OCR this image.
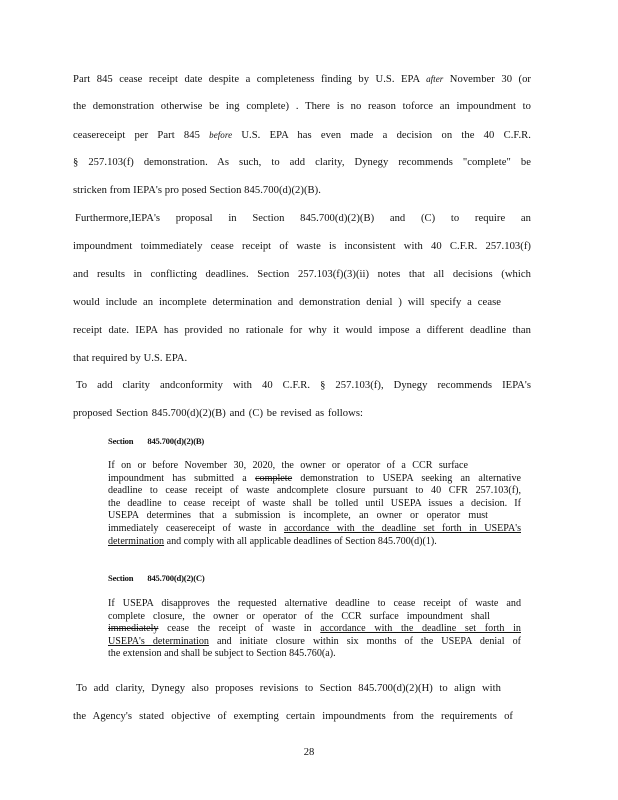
Part 845 cease receipt date despite a completeness finding by U.S. EPA after November 30 (or
the demonstration otherwise be ing complete) . There is no reason toforce an impoundment to
ceasereceipt per Part 845 before U.S. EPA has even made a decision on the 40 C.F.R.
§ 257.103(f) demonstration. As such, to add clarity, Dynegy recommends "complete" be
stricken from IEPA's pro posed Section 845.700(d)(2)(B).
Furthermore,IEPA's proposal in Section 845.700(d)(2)(B) and (C) to require an
impoundment toimmediately cease receipt of waste is inconsistent with 40 C.F.R. 257.103(f)
and results in conflicting deadlines. Section 257.103(f)(3)(ii) notes that all decisions (which
would include an incomplete determination and demonstration denial ) will specify a cease
receipt date. IEPA has provided no rationale for why it would impose a different deadline than
that required by U.S. EPA.
To add clarity andconformity with 40 C.F.R. § 257.103(f), Dynegy recommends IEPA's
proposed Section 845.700(d)(2)(B) and (C) be revised as follows:
Section 845.700(d)(2)(B)
If on or before November 30, 2020, the owner or operator of a CCR surface
impoundment has submitted a complete demonstration to USEPA seeking an alternative
deadline to cease receipt of waste andcomplete closure pursuant to 40 CFR 257.103(f),
the deadline to cease receipt of waste shall be tolled until USEPA issues a decision. If
USEPA determines that a submission is incomplete, an owner or operator must
immediately ceasereceipt of waste in accordance with the deadline set forth in USEPA's
determination and comply with all applicable deadlines of Section 845.700(d)(1).
Section 845.700(d)(2)(C)
If USEPA disapproves the requested alternative deadline to cease receipt of waste and
complete closure, the owner or operator of the CCR surface impoundment shall
immediately cease the receipt of waste in accordance with the deadline set forth in
USEPA's determination and initiate closure within six months of the USEPA denial of
the extension and shall be subject to Section 845.760(a).
To add clarity, Dynegy also proposes revisions to Section 845.700(d)(2)(H) to align with
the Agency's stated objective of exempting certain impoundments from the requirements of
28
